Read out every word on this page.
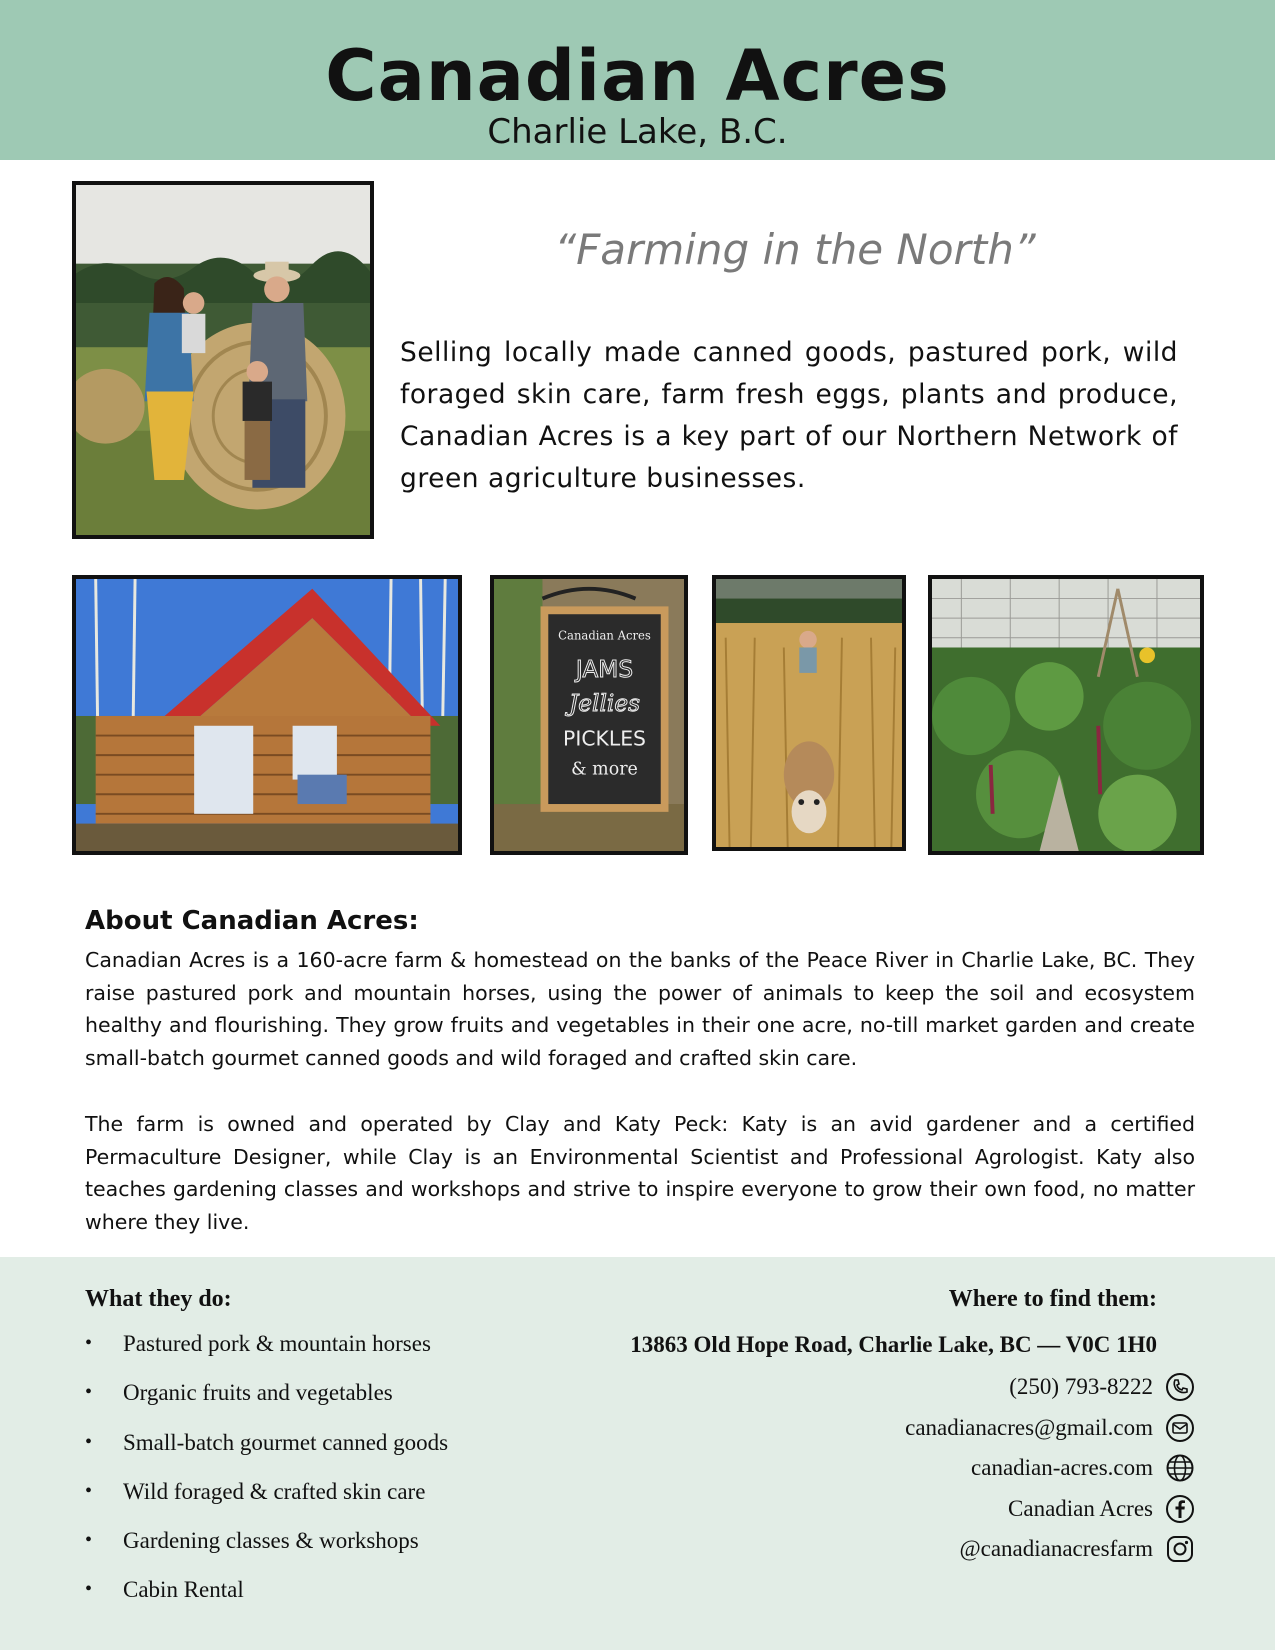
Canadian Acres
Charlie Lake, B.C.
“Farming in the North”
Selling locally made canned goods, pastured pork, wild foraged skin care, farm fresh eggs, plants and produce, Canadian Acres is a key part of our Northern Network of green agriculture businesses.
Canadian Acres
JAMS
Jellies
PICKLES
& more
About Canadian Acres:
Canadian Acres is a 160-acre farm & homestead on the banks of the Peace River in Charlie Lake, BC. They raise pastured pork and mountain horses, using the power of animals to keep the soil and ecosystem healthy and flourishing. They grow fruits and vegetables in their one acre, no-till market garden and create small-batch gourmet canned goods and wild foraged and crafted skin care.
The farm is owned and operated by Clay and Katy Peck: Katy is an avid gardener and a certified Permaculture Designer, while Clay is an Environmental Scientist and Professional Agrologist. Katy also teaches gardening classes and workshops and strive to inspire everyone to grow their own food, no matter where they live.
What they do:
• Pastured pork & mountain horses
• Organic fruits and vegetables
• Small-batch gourmet canned goods
• Wild foraged & crafted skin care
• Gardening classes & workshops
• Cabin Rental
Where to find them:
13863 Old Hope Road, Charlie Lake, BC — V0C 1H0
(250) 793-8222
canadianacres@gmail.com
canadian-acres.com
Canadian Acres
@canadianacresfarm
